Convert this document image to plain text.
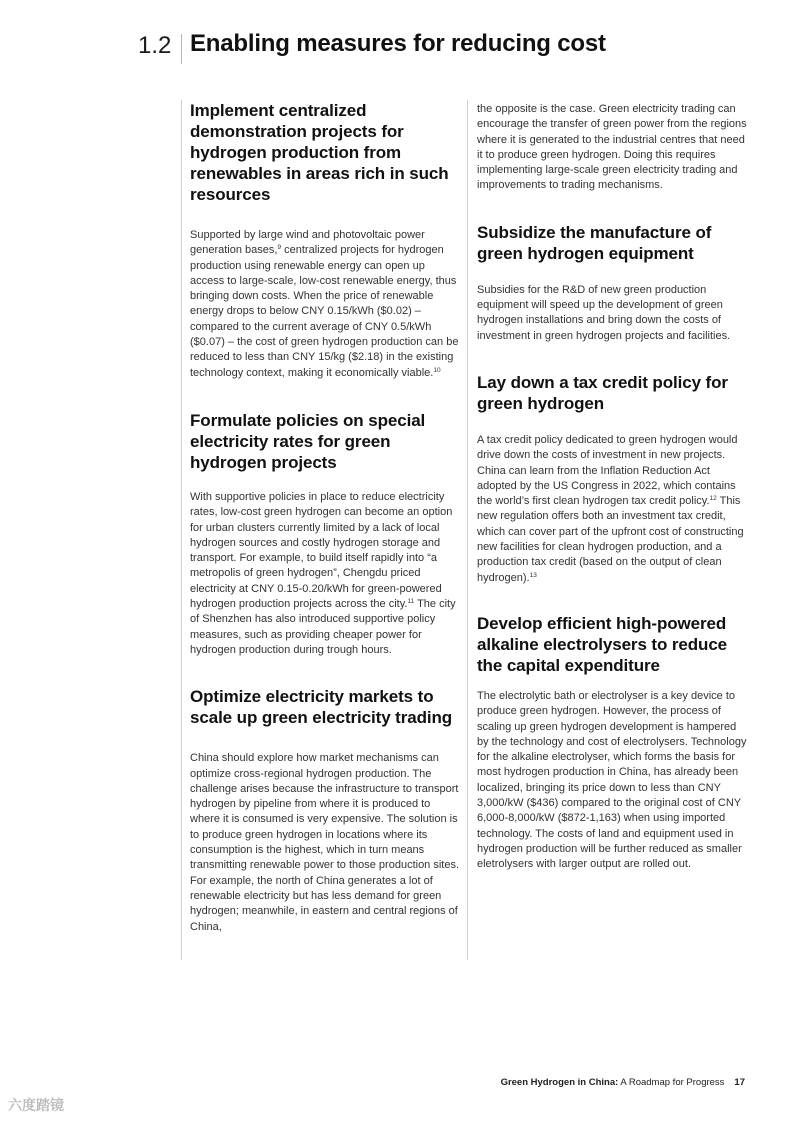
1.2 Enabling measures for reducing cost
Implement centralized demonstration projects for hydrogen production from renewables in areas rich in such resources

Supported by large wind and photovoltaic power generation bases,$^9$ centralized projects for hydrogen production using renewable energy can open up access to large-scale, low-cost renewable energy, thus bringing down costs. When the price of renewable energy drops to below CNY 0.15/kWh ($0.02) – compared to the current average of CNY 0.5/kWh ($0.07) – the cost of green hydrogen production can be reduced to less than CNY 15/kg ($2.18) in the existing technology context, making it economically viable.$^{10}$

Formulate policies on special electricity rates for green hydrogen projects

With supportive policies in place to reduce electricity rates, low-cost green hydrogen can become an option for urban clusters currently limited by a lack of local hydrogen sources and costly hydrogen storage and transport. For example, to build itself rapidly into “a metropolis of green hydrogen”, Chengdu priced electricity at CNY 0.15-0.20/kWh for green-powered hydrogen production projects across the city.$^{11}$ The city of Shenzhen has also introduced supportive policy measures, such as providing cheaper power for hydrogen production during trough hours.

Optimize electricity markets to scale up green electricity trading

China should explore how market mechanisms can optimize cross-regional hydrogen production. The challenge arises because the infrastructure to transport hydrogen by pipeline from where it is produced to where it is consumed is very expensive. The solution is to produce green hydrogen in locations where its consumption is the highest, which in turn means transmitting renewable power to those production sites. For example, the north of China generates a lot of renewable electricity but has less demand for green hydrogen; meanwhile, in eastern and central regions of China,

the opposite is the case. Green electricity trading can encourage the transfer of green power from the regions where it is generated to the industrial centres that need it to produce green hydrogen. Doing this requires implementing large-scale green electricity trading and improvements to trading mechanisms.

Subsidize the manufacture of green hydrogen equipment

Subsidies for the R&D of new green production equipment will speed up the development of green hydrogen installations and bring down the costs of investment in green hydrogen projects and facilities.

Lay down a tax credit policy for green hydrogen

A tax credit policy dedicated to green hydrogen would drive down the costs of investment in new projects. China can learn from the Inflation Reduction Act adopted by the US Congress in 2022, which contains the world’s first clean hydrogen tax credit policy.$^{12}$ This new regulation offers both an investment tax credit, which can cover part of the upfront cost of constructing new facilities for clean hydrogen production, and a production tax credit (based on the output of clean hydrogen).$^{13}$

Develop efficient high-powered alkaline electrolysers to reduce the capital expenditure

The electrolytic bath or electrolyser is a key device to produce green hydrogen. However, the process of scaling up green hydrogen development is hampered by the technology and cost of electrolysers. Technology for the alkaline electrolyser, which forms the basis for most hydrogen production in China, has already been localized, bringing its price down to less than CNY 3,000/kW ($436) compared to the original cost of CNY 6,000-8,000/kW ($872-1,163) when using imported technology. The costs of land and equipment used in hydrogen production will be further reduced as smaller eletrolysers with larger output are rolled out.

Green Hydrogen in China: A Roadmap for Progress 17
六度踏镜
